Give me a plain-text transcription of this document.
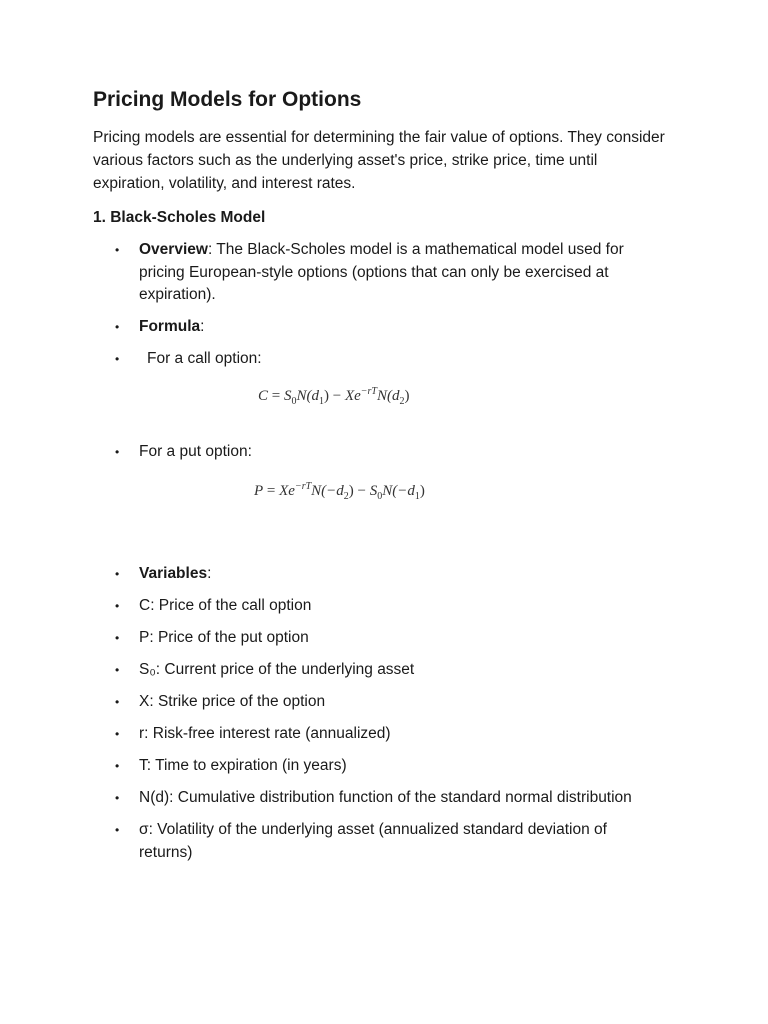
Pricing Models for Options

Pricing models are essential for determining the fair value of options. They consider various factors such as the underlying asset's price, strike price, time until expiration, volatility, and interest rates.

1. Black-Scholes Model
• Overview: The Black-Scholes model is a mathematical model used for pricing European-style options (options that can only be exercised at expiration).
• Formula:
• For a call option:
• For a put option:
• Variables:
• C: Price of the call option
• P: Price of the put option
• S₀: Current price of the underlying asset
• X: Strike price of the option
• r: Risk-free interest rate (annualized)
• T: Time to expiration (in years)
• N(d): Cumulative distribution function of the standard normal distribution
• σ: Volatility of the underlying asset (annualized standard deviation of returns)
$C = S_0N(d_1) - Xe^{-rT}N(d_2)$
$P = Xe^{-rT}N(-d_2) - S_0N(-d_1)$
